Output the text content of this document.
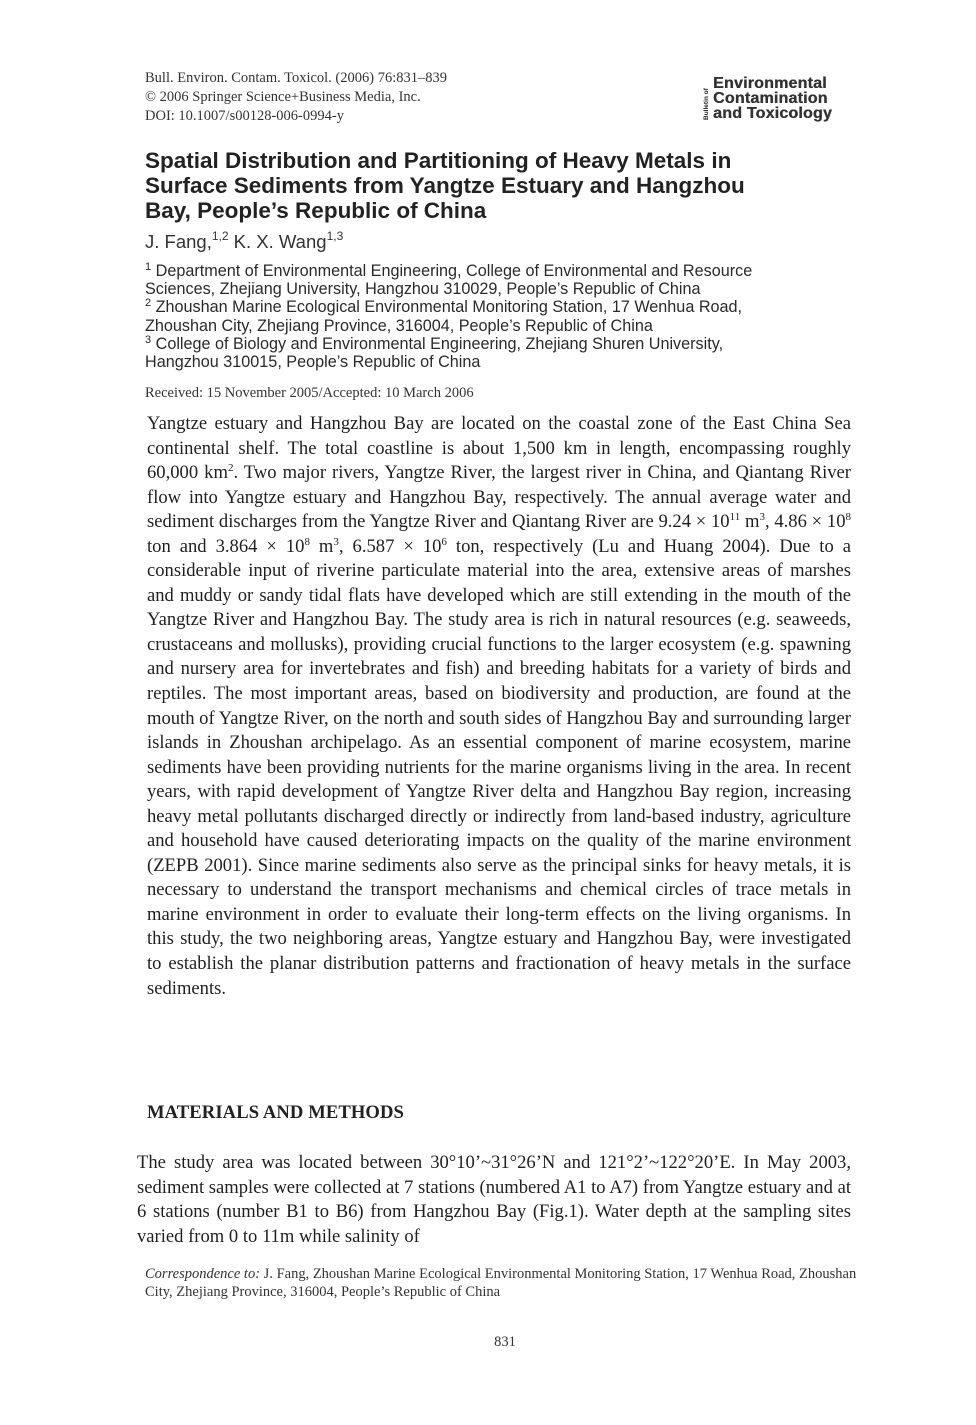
Bull. Environ. Contam. Toxicol. (2006) 76:831–839
© 2006 Springer Science+Business Media, Inc.
DOI: 10.1007/s00128-006-0994-y	Bulletin of
Environmental
Contamination
and Toxicology
Spatial Distribution and Partitioning of Heavy Metals in
Surface Sediments from Yangtze Estuary and Hangzhou
Bay, People’s Republic of China
J. Fang,$^{1,2}$ K. X. Wang$^{1,3}$
$^1$ Department of Environmental Engineering, College of Environmental and Resource
Sciences, Zhejiang University, Hangzhou 310029, People’s Republic of China
$^2$ Zhoushan Marine Ecological Environmental Monitoring Station, 17 Wenhua Road,
Zhoushan City, Zhejiang Province, 316004, People’s Republic of China
$^3$ College of Biology and Environmental Engineering, Zhejiang Shuren University,
Hangzhou 310015, People’s Republic of China
Received: 15 November 2005/Accepted: 10 March 2006
Yangtze estuary and Hangzhou Bay are located on the coastal zone of the East China Sea continental shelf. The total coastline is about 1,500 km in length, encompassing roughly 60,000 $km^2$. Two major rivers, Yangtze River, the largest river in China, and Qiantang River flow into Yangtze estuary and Hangzhou Bay, respectively. The annual average water and sediment discharges from the Yangtze River and Qiantang River are $9.24 \times 10^{11}$ $m^3$, $4.86 \times 10^8$ ton and $3.864 \times 10^8$ $m^3$, $6.587 \times 10^6$ ton, respectively (Lu and Huang 2004). Due to a considerable input of riverine particulate material into the area, extensive areas of marshes and muddy or sandy tidal flats have developed which are still extending in the mouth of the Yangtze River and Hangzhou Bay. The study area is rich in natural resources (e.g. seaweeds, crustaceans and mollusks), providing crucial functions to the larger ecosystem (e.g. spawning and nursery area for invertebrates and fish) and breeding habitats for a variety of birds and reptiles. The most important areas, based on biodiversity and production, are found at the mouth of Yangtze River, on the north and south sides of Hangzhou Bay and surrounding larger islands in Zhoushan archipelago. As an essential component of marine ecosystem, marine sediments have been providing nutrients for the marine organisms living in the area. In recent years, with rapid development of Yangtze River delta and Hangzhou Bay region, increasing heavy metal pollutants discharged directly or indirectly from land-based industry, agriculture and household have caused deteriorating impacts on the quality of the marine environment (ZEPB 2001). Since marine sediments also serve as the principal sinks for heavy metals, it is necessary to understand the transport mechanisms and chemical circles of trace metals in marine environment in order to evaluate their long-term effects on the living organisms. In this study, the two neighboring areas, Yangtze estuary and Hangzhou Bay, were investigated to establish the planar distribution patterns and fractionation of heavy metals in the surface sediments.
MATERIALS AND METHODS
The study area was located between 30°10’~31°26’N and 121°2’~122°20’E. In May 2003, sediment samples were collected at 7 stations (numbered A1 to A7) from Yangtze estuary and at 6 stations (number B1 to B6) from Hangzhou Bay (Fig.1). Water depth at the sampling sites varied from 0 to 11m while salinity of
Correspondence to: J. Fang, Zhoushan Marine Ecological Environmental Monitoring Station, 17 Wenhua Road, Zhoushan City, Zhejiang Province, 316004, People’s Republic of China
831
